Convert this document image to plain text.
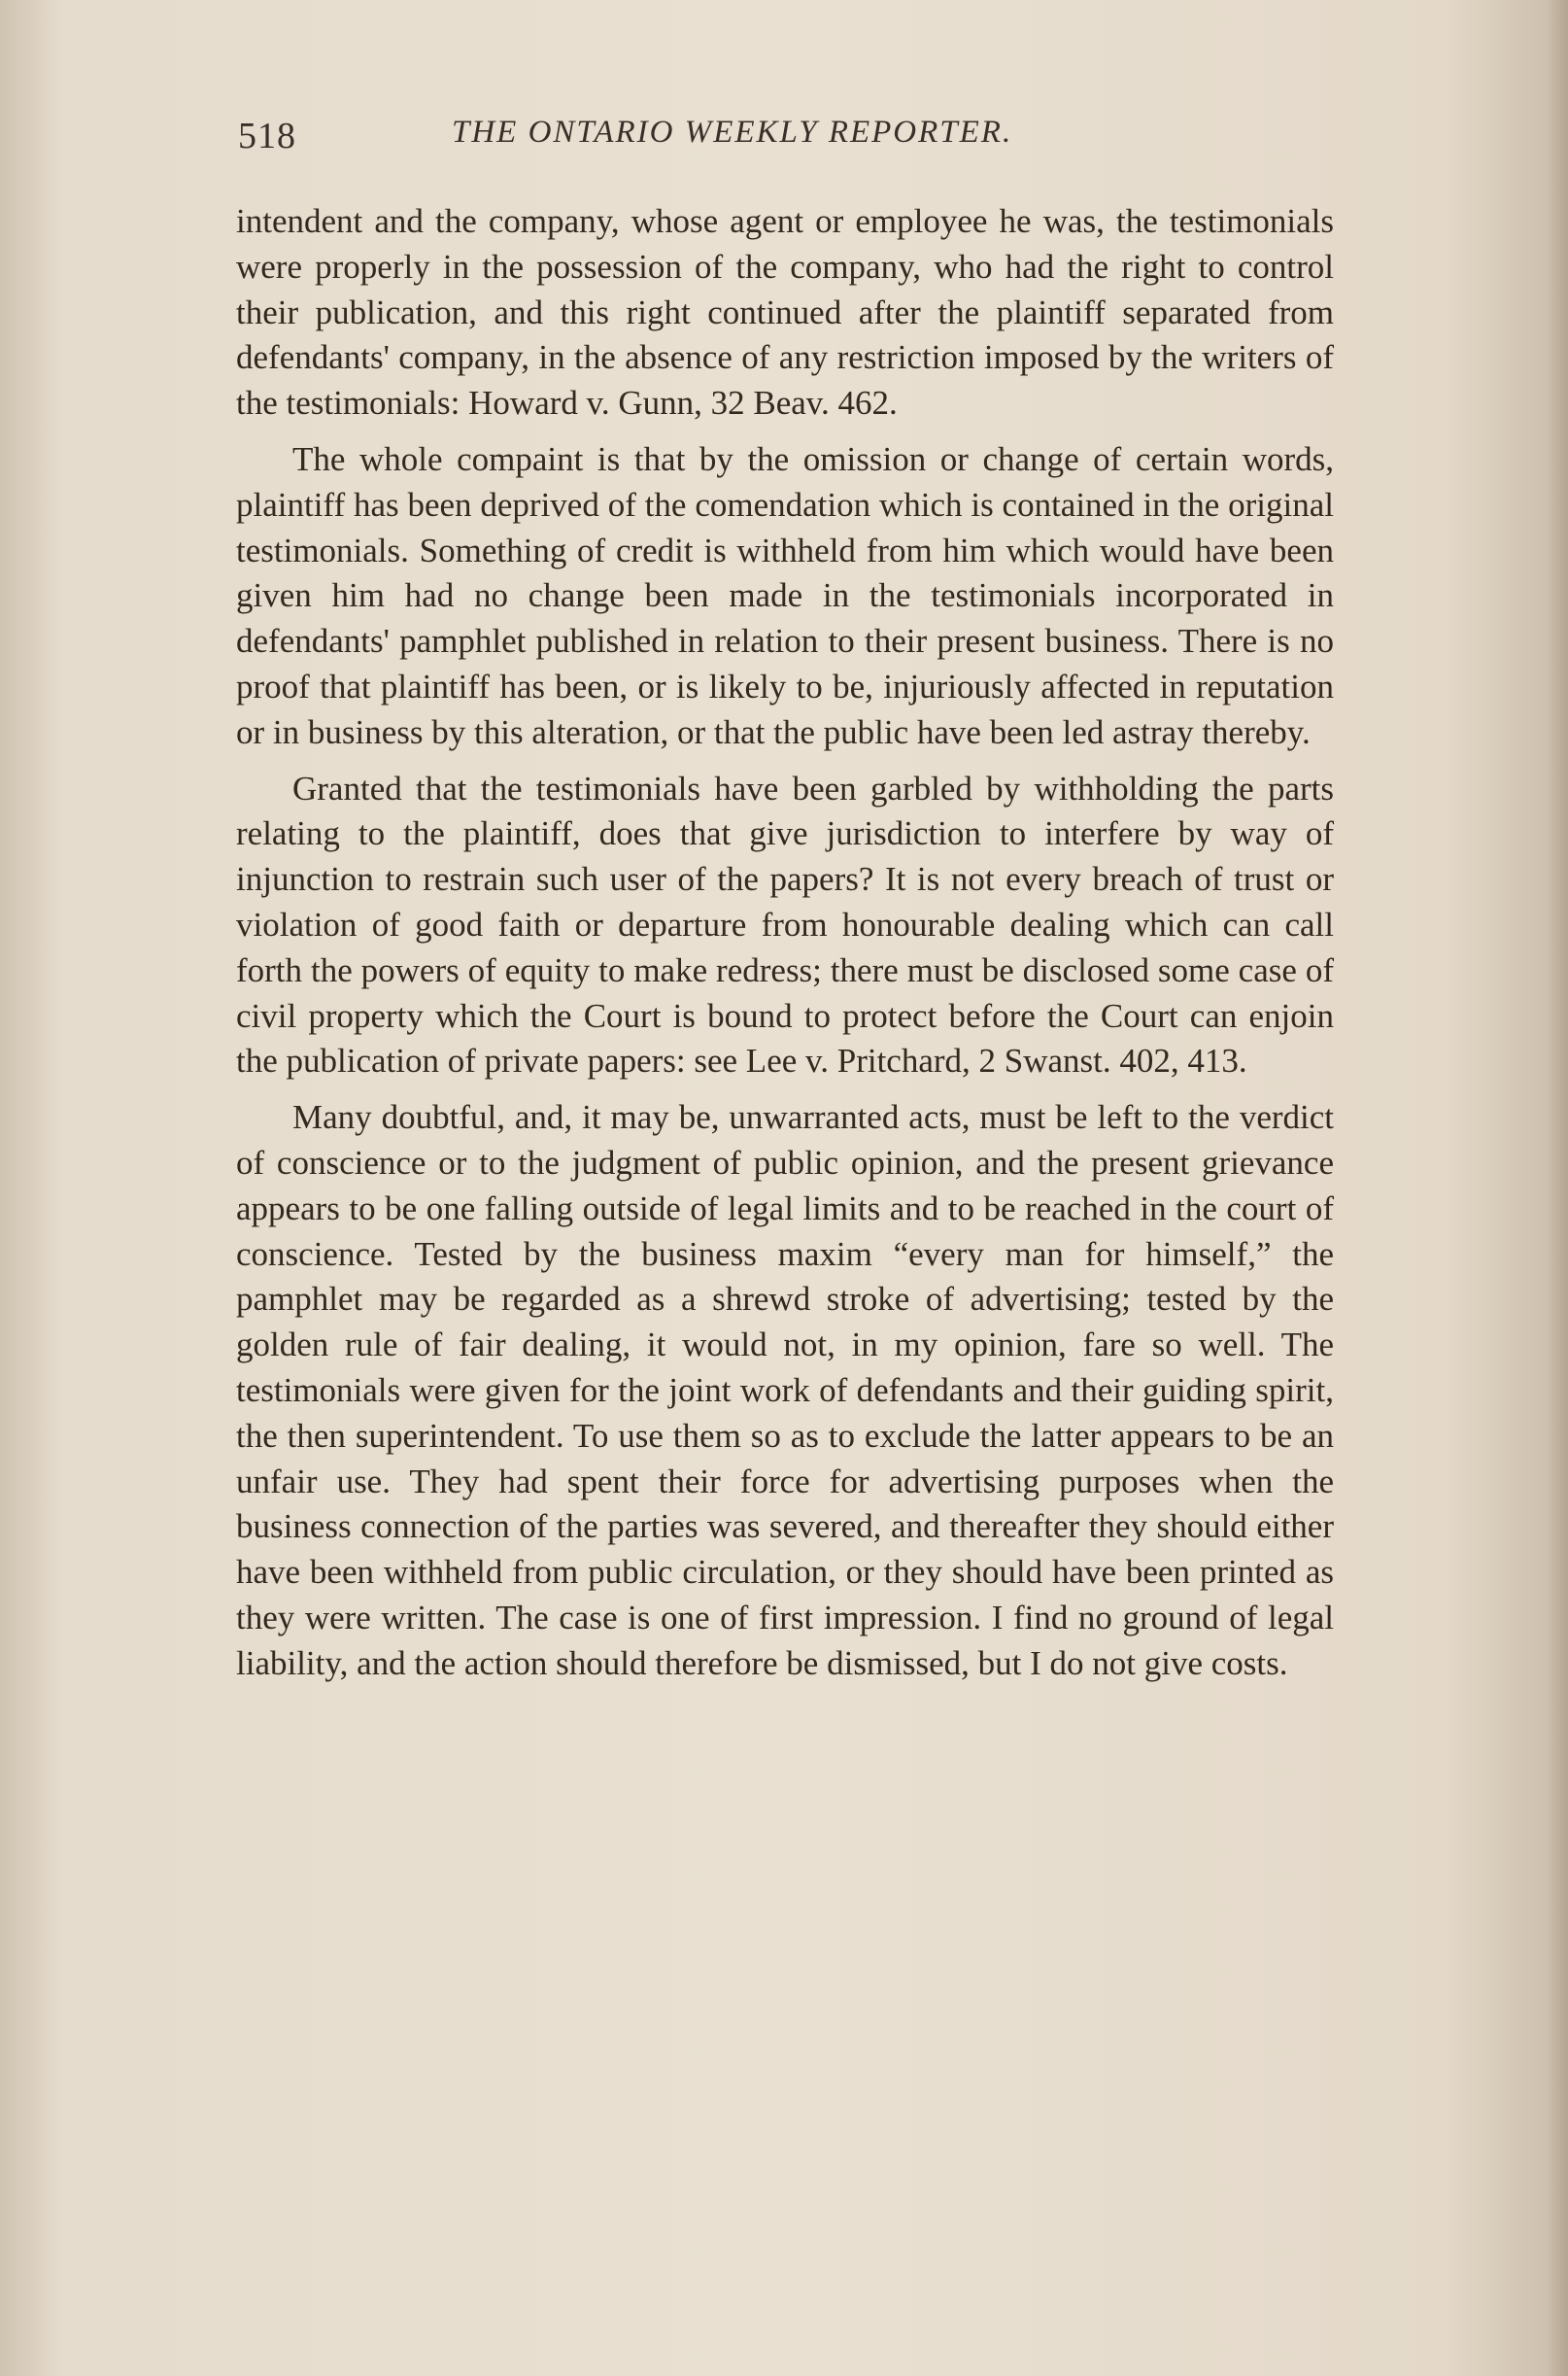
518	THE ONTARIO WEEKLY REPORTER.

intendent and the company, whose agent or employee he was, the testimonials were properly in the possession of the company, who had the right to control their publication, and this right continued after the plaintiff separated from defendants' company, in the absence of any restriction imposed by the writers of the testimonials: Howard v. Gunn, 32 Beav. 462.

The whole compaint is that by the omission or change of certain words, plaintiff has been deprived of the comendation which is contained in the original testimonials. Something of credit is withheld from him which would have been given him had no change been made in the testimonials incorporated in defendants' pamphlet published in relation to their present business. There is no proof that plaintiff has been, or is likely to be, injuriously affected in reputation or in business by this alteration, or that the public have been led astray thereby.

Granted that the testimonials have been garbled by withholding the parts relating to the plaintiff, does that give jurisdiction to interfere by way of injunction to restrain such user of the papers? It is not every breach of trust or violation of good faith or departure from honourable dealing which can call forth the powers of equity to make redress; there must be disclosed some case of civil property which the Court is bound to protect before the Court can enjoin the publication of private papers: see Lee v. Pritchard, 2 Swanst. 402, 413.

Many doubtful, and, it may be, unwarranted acts, must be left to the verdict of conscience or to the judgment of public opinion, and the present grievance appears to be one falling outside of legal limits and to be reached in the court of conscience. Tested by the business maxim “every man for himself,” the pamphlet may be regarded as a shrewd stroke of advertising; tested by the golden rule of fair dealing, it would not, in my opinion, fare so well. The testimonials were given for the joint work of defendants and their guiding spirit, the then superintendent. To use them so as to exclude the latter appears to be an unfair use. They had spent their force for advertising purposes when the business connection of the parties was severed, and thereafter they should either have been withheld from public circulation, or they should have been printed as they were written. The case is one of first impression. I find no ground of legal liability, and the action should therefore be dismissed, but I do not give costs.
